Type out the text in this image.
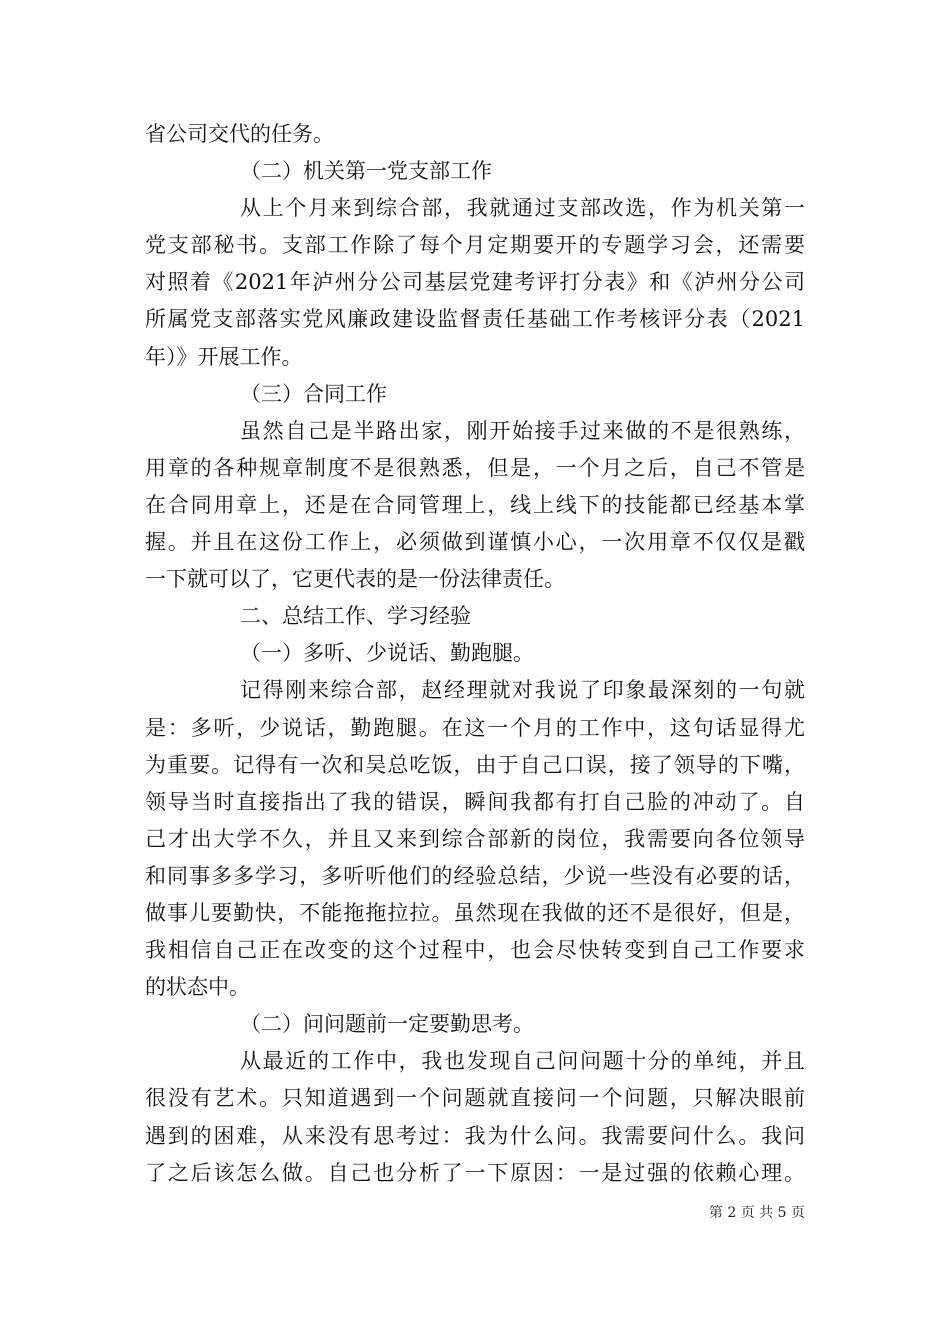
省公司交代的任务。
（二）机关第一党支部工作
从上个月来到综合部，我就通过支部改选，作为机关第一
党支部秘书。支部工作除了每个月定期要开的专题学习会，还需要
对照着《2021年泸州分公司基层党建考评打分表》和《泸州分公司
所属党支部落实党风廉政建设监督责任基础工作考核评分表（2021
年）》开展工作。
（三）合同工作
虽然自己是半路出家，刚开始接手过来做的不是很熟练，
用章的各种规章制度不是很熟悉，但是，一个月之后，自己不管是
在合同用章上，还是在合同管理上，线上线下的技能都已经基本掌
握。并且在这份工作上，必须做到谨慎小心，一次用章不仅仅是戳
一下就可以了，它更代表的是一份法律责任。
二、总结工作、学习经验
（一）多听、少说话、勤跑腿。
记得刚来综合部，赵经理就对我说了印象最深刻的一句就
是：多听，少说话，勤跑腿。在这一个月的工作中，这句话显得尤
为重要。记得有一次和吴总吃饭，由于自己口误，接了领导的下嘴，
领导当时直接指出了我的错误，瞬间我都有打自己脸的冲动了。自
己才出大学不久，并且又来到综合部新的岗位，我需要向各位领导
和同事多多学习，多听听他们的经验总结，少说一些没有必要的话，
做事儿要勤快，不能拖拖拉拉。虽然现在我做的还不是很好，但是，
我相信自己正在改变的这个过程中，也会尽快转变到自己工作要求
的状态中。
（二）问问题前一定要勤思考。
从最近的工作中，我也发现自己问问题十分的单纯，并且
很没有艺术。只知道遇到一个问题就直接问一个问题，只解决眼前
遇到的困难，从来没有思考过：我为什么问。我需要问什么。我问
了之后该怎么做。自己也分析了一下原因：一是过强的依赖心理。
第 2 页 共 5 页
